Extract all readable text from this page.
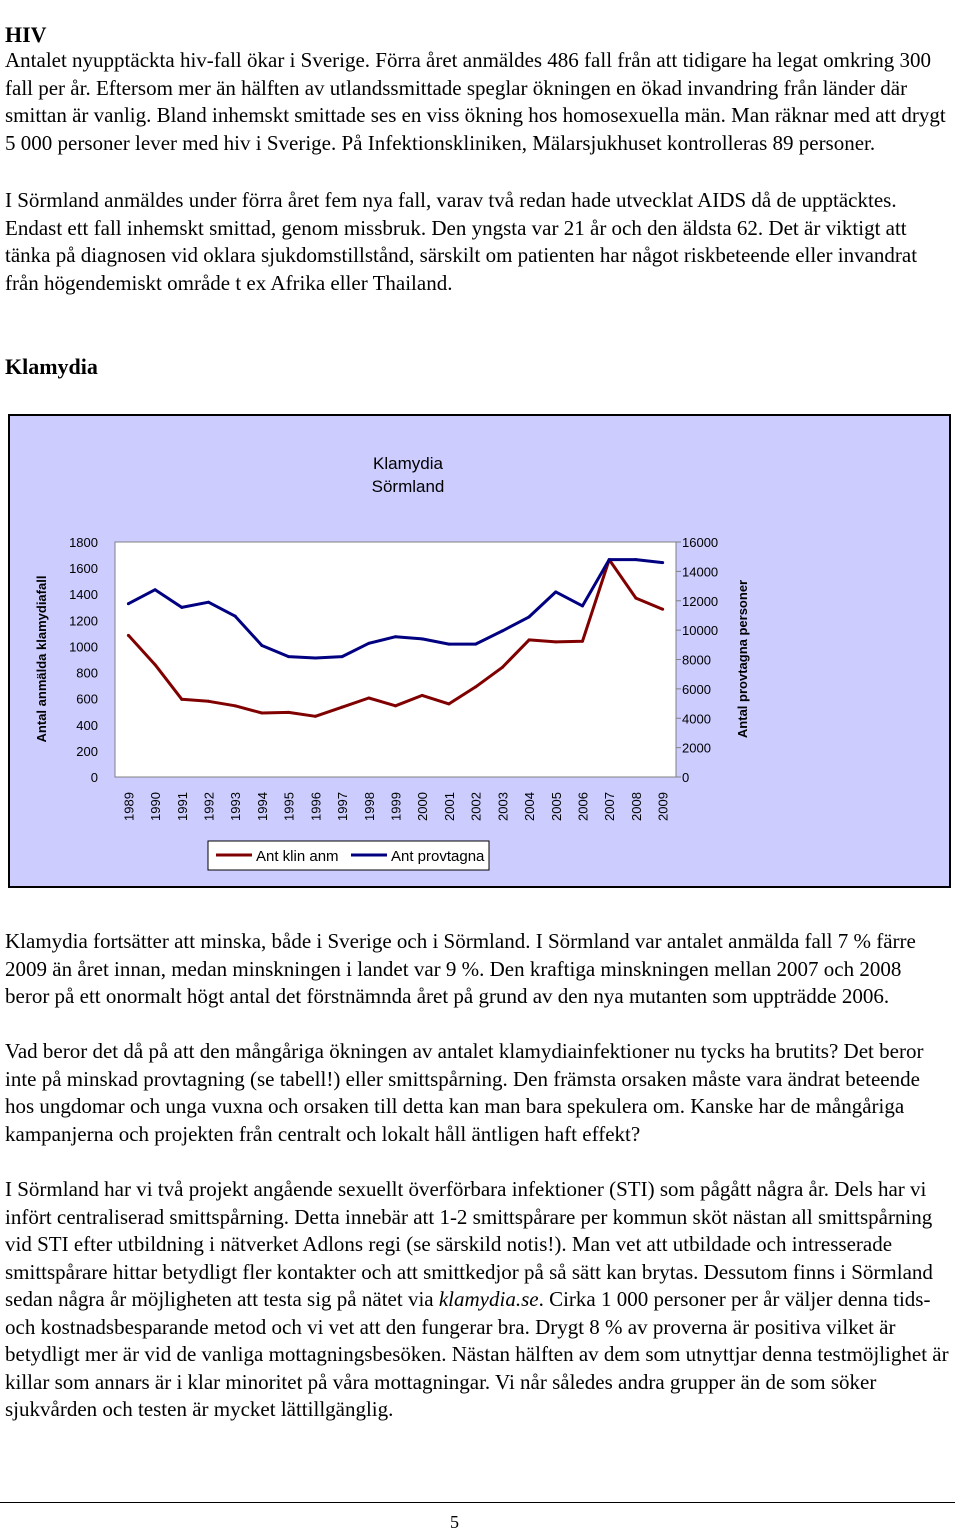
HIV

Antalet nyupptäckta hiv-fall ökar i Sverige. Förra året anmäldes 486 fall från att tidigare ha legat omkring 300 fall per år. Eftersom mer än hälften av utlandssmittade speglar ökningen en ökad invandring från länder där smittan är vanlig. Bland inhemskt smittade ses en viss ökning hos homosexuella män. Man räknar med att drygt 5 000 personer lever med hiv i Sverige. På Infektionskliniken, Mälarsjukhuset kontrolleras 89 personer.

I Sörmland anmäldes under förra året fem nya fall, varav två redan hade utvecklat AIDS då de upptäcktes. Endast ett fall inhemskt smittad, genom missbruk. Den yngsta var 21 år och den äldsta 62. Det är viktigt att tänka på diagnosen vid oklara sjukdomstillstånd, särskilt om patienten har något riskbeteende eller invandrat från högendemiskt område t ex Afrika eller Thailand.

Klamydia
Klamydia
Sörmland
Antal anmälda klamydiafall	Antal provtagna personer
0
200
400
600
800
1000
1200
1400
1600
1800
0
2000
4000
6000
8000
10000
12000
14000
16000
1989 1990 1991 1992 1993 1994 1995 1996 1997 1998 1999 2000 2001 2002 2003 2004 2005 2006 2007 2008 2009
Ant klin anm	Ant provtagna

Klamydia fortsätter att minska, både i Sverige och i Sörmland. I Sörmland var antalet anmälda fall 7 % färre 2009 än året innan, medan minskningen i landet var 9 %. Den kraftiga minskningen mellan 2007 och 2008 beror på ett onormalt högt antal det förstnämnda året på grund av den nya mutanten som uppträdde 2006.

Vad beror det då på att den mångåriga ökningen av antalet klamydiainfektioner nu tycks ha brutits? Det beror inte på minskad provtagning (se tabell!) eller smittspårning. Den främsta orsaken måste vara ändrat beteende hos ungdomar och unga vuxna och orsaken till detta kan man bara spekulera om. Kanske har de mångåriga kampanjerna och projekten från centralt och lokalt håll äntligen haft effekt?

I Sörmland har vi två projekt angående sexuellt överförbara infektioner (STI) som pågått några år. Dels har vi infört centraliserad smittspårning. Detta innebär att 1-2 smittspårare per kommun sköt nästan all smittspårning vid STI efter utbildning i nätverket Adlons regi (se särskild notis!). Man vet att utbildade och intresserade smittspårare hittar betydligt fler kontakter och att smittkedjor på så sätt kan brytas. Dessutom finns i Sörmland sedan några år möjligheten att testa sig på nätet via klamydia.se. Cirka 1 000 personer per år väljer denna tids- och kostnadsbesparande metod och vi vet att den fungerar bra. Drygt 8 % av proverna är positiva vilket är betydligt mer är vid de vanliga mottagningsbesöken. Nästan hälften av dem som utnyttjar denna testmöjlighet är killar som annars är i klar minoritet på våra mottagningar. Vi når således andra grupper än de som söker sjukvården och testen är mycket lättillgänglig.

5
